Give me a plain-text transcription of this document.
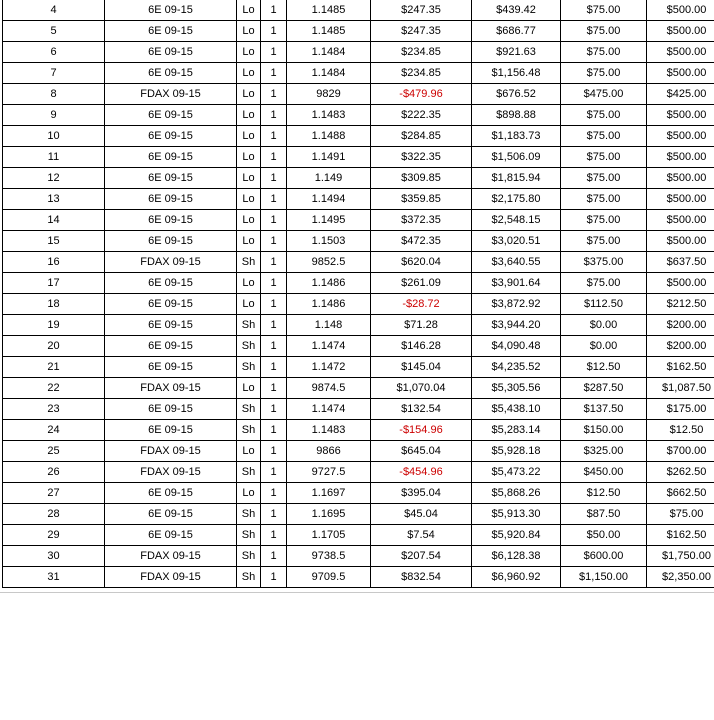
4	6E 09-15	Lo	1	1.1485	$247.35	$439.42	$75.00	$500.00
5	6E 09-15	Lo	1	1.1485	$247.35	$686.77	$75.00	$500.00
6	6E 09-15	Lo	1	1.1484	$234.85	$921.63	$75.00	$500.00
7	6E 09-15	Lo	1	1.1484	$234.85	$1,156.48	$75.00	$500.00
8	FDAX 09-15	Lo	1	9829	-$479.96	$676.52	$475.00	$425.00
9	6E 09-15	Lo	1	1.1483	$222.35	$898.88	$75.00	$500.00
10	6E 09-15	Lo	1	1.1488	$284.85	$1,183.73	$75.00	$500.00
11	6E 09-15	Lo	1	1.1491	$322.35	$1,506.09	$75.00	$500.00
12	6E 09-15	Lo	1	1.149	$309.85	$1,815.94	$75.00	$500.00
13	6E 09-15	Lo	1	1.1494	$359.85	$2,175.80	$75.00	$500.00
14	6E 09-15	Lo	1	1.1495	$372.35	$2,548.15	$75.00	$500.00
15	6E 09-15	Lo	1	1.1503	$472.35	$3,020.51	$75.00	$500.00
16	FDAX 09-15	Sh	1	9852.5	$620.04	$3,640.55	$375.00	$637.50
17	6E 09-15	Lo	1	1.1486	$261.09	$3,901.64	$75.00	$500.00
18	6E 09-15	Lo	1	1.1486	-$28.72	$3,872.92	$112.50	$212.50
19	6E 09-15	Sh	1	1.148	$71.28	$3,944.20	$0.00	$200.00
20	6E 09-15	Sh	1	1.1474	$146.28	$4,090.48	$0.00	$200.00
21	6E 09-15	Sh	1	1.1472	$145.04	$4,235.52	$12.50	$162.50
22	FDAX 09-15	Lo	1	9874.5	$1,070.04	$5,305.56	$287.50	$1,087.50
23	6E 09-15	Sh	1	1.1474	$132.54	$5,438.10	$137.50	$175.00
24	6E 09-15	Sh	1	1.1483	-$154.96	$5,283.14	$150.00	$12.50
25	FDAX 09-15	Lo	1	9866	$645.04	$5,928.18	$325.00	$700.00
26	FDAX 09-15	Sh	1	9727.5	-$454.96	$5,473.22	$450.00	$262.50
27	6E 09-15	Lo	1	1.1697	$395.04	$5,868.26	$12.50	$662.50
28	6E 09-15	Sh	1	1.1695	$45.04	$5,913.30	$87.50	$75.00
29	6E 09-15	Sh	1	1.1705	$7.54	$5,920.84	$50.00	$162.50
30	FDAX 09-15	Sh	1	9738.5	$207.54	$6,128.38	$600.00	$1,750.00
31	FDAX 09-15	Sh	1	9709.5	$832.54	$6,960.92	$1,150.00	$2,350.00
